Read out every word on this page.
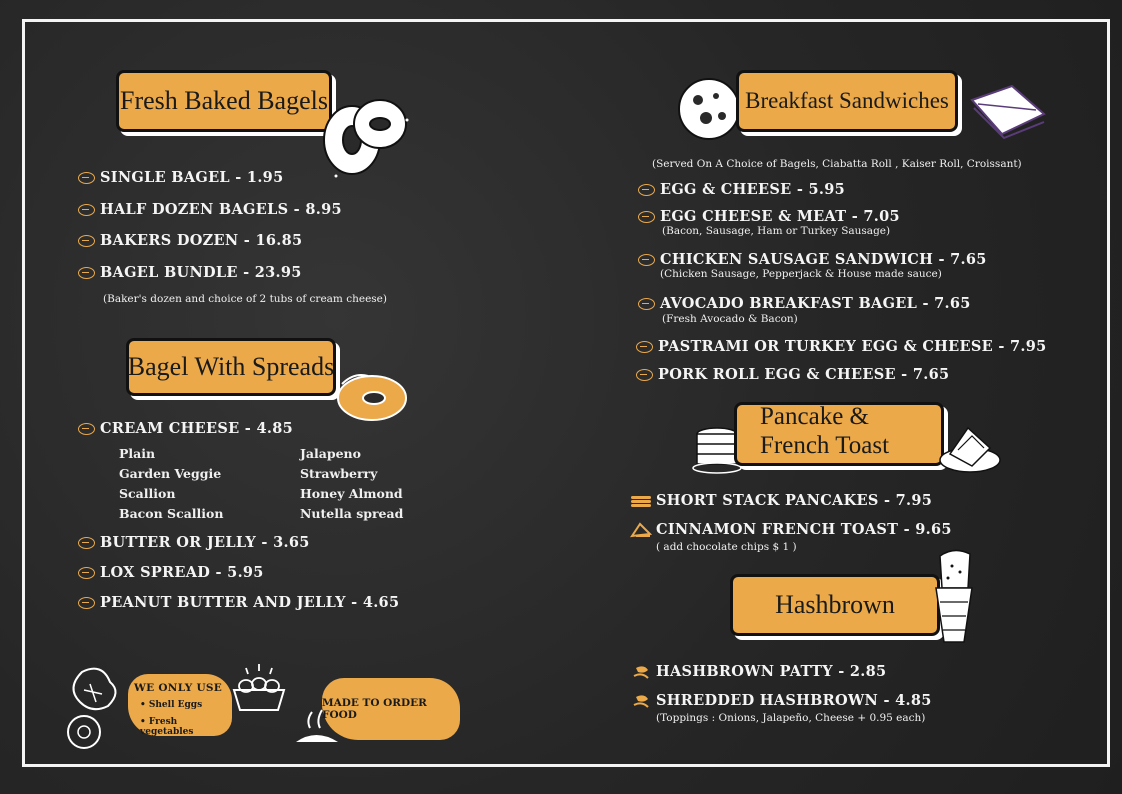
Fresh Baked Bagels
SINGLE BAGEL - 1.95
HALF DOZEN BAGELS - 8.95
BAKERS DOZEN - 16.85
BAGEL BUNDLE - 23.95
(Baker's dozen and choice of 2 tubs of cream cheese)
Bagel With Spreads
CREAM CHEESE - 4.85
Plain
Garden Veggie
Scallion
Bacon Scallion
Jalapeno
Strawberry
Honey Almond
Nutella spread
BUTTER OR JELLY - 3.65
LOX SPREAD - 5.95
PEANUT BUTTER AND JELLY - 4.65
WE ONLY USE
• Shell Eggs
• Fresh vegetables
MADE TO ORDER FOOD
Breakfast Sandwiches
(Served On A Choice of Bagels, Ciabatta Roll , Kaiser Roll, Croissant)
EGG & CHEESE - 5.95
EGG CHEESE & MEAT - 7.05
(Bacon, Sausage, Ham or Turkey Sausage)
CHICKEN SAUSAGE SANDWICH - 7.65
(Chicken Sausage, Pepperjack & House made sauce)
AVOCADO BREAKFAST BAGEL - 7.65
(Fresh Avocado & Bacon)
PASTRAMI OR TURKEY EGG & CHEESE - 7.95
PORK ROLL EGG & CHEESE - 7.65
Pancake &
French Toast
SHORT STACK PANCAKES - 7.95
CINNAMON FRENCH TOAST - 9.65
( add chocolate chips $ 1 )
Hashbrown
HASHBROWN PATTY - 2.85
SHREDDED HASHBROWN - 4.85
(Toppings : Onions, Jalapeño, Cheese + 0.95 each)
